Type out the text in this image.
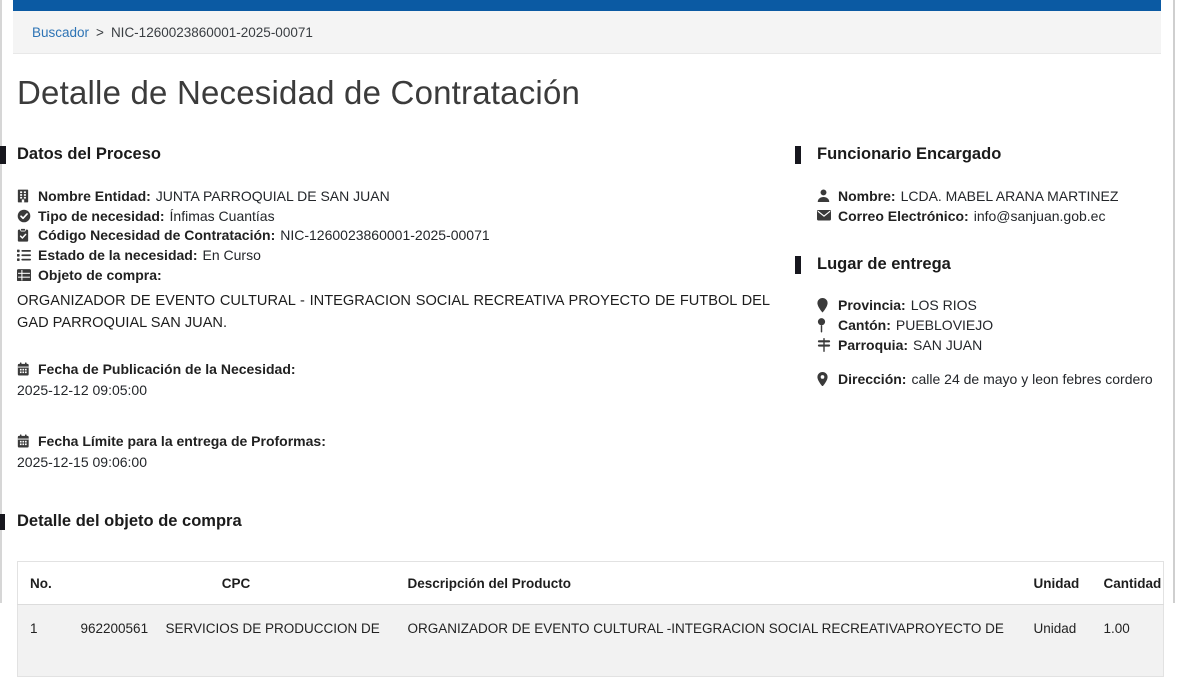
Buscador > NIC-1260023860001-2025-00071
Detalle de Necesidad de Contratación
Datos del Proceso
Nombre Entidad: JUNTA PARROQUIAL DE SAN JUAN
Tipo de necesidad: Ínfimas Cuantías
Código Necesidad de Contratación: NIC-1260023860001-2025-00071
Estado de la necesidad: En Curso
Objeto de compra:
ORGANIZADOR DE EVENTO CULTURAL - INTEGRACION SOCIAL RECREATIVA PROYECTO DE FUTBOL DEL GAD PARROQUIAL SAN JUAN.
Fecha de Publicación de la Necesidad:
2025-12-12 09:05:00
Fecha Límite para la entrega de Proformas:
2025-12-15 09:06:00
Funcionario Encargado
Nombre: LCDA. MABEL ARANA MARTINEZ
Correo Electrónico: info@sanjuan.gob.ec
Lugar de entrega
Provincia: LOS RIOS
Cantón: PUEBLOVIEJO
Parroquia: SAN JUAN
Dirección: calle 24 de mayo y leon febres cordero
Detalle del objeto de compra
No.	CPC		Descripción del Producto	Unidad	Cantidad
1	962200561	SERVICIOS DE PRODUCCION DE	ORGANIZADOR DE EVENTO CULTURAL -INTEGRACION SOCIAL RECREATIVAPROYECTO DE	Unidad	1.00
